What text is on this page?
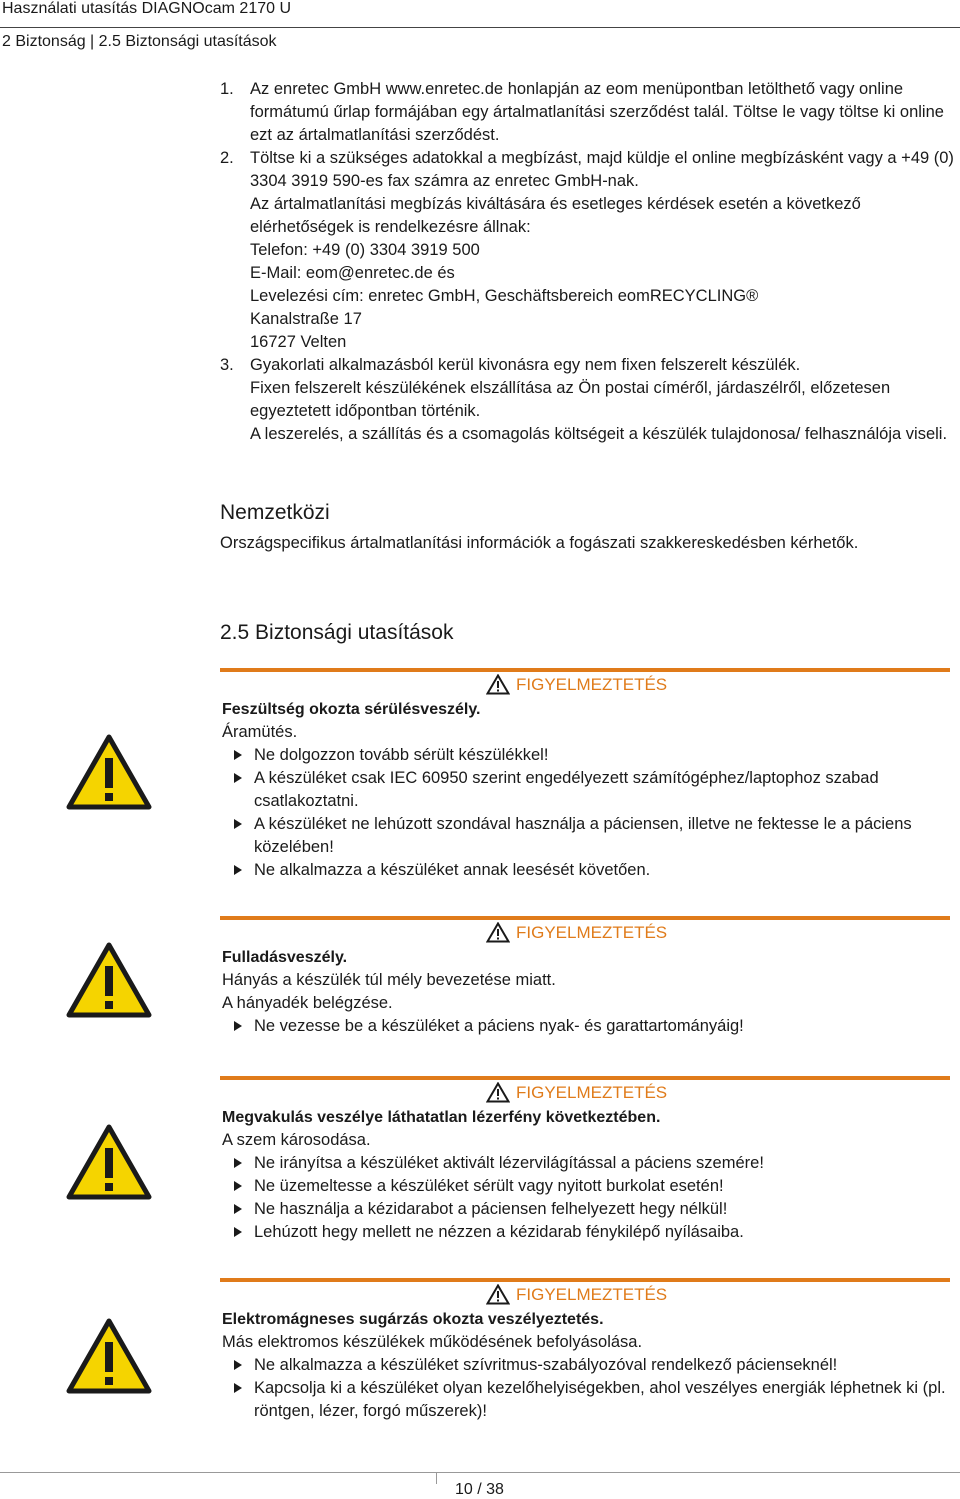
Használati utasítás DIAGNOcam 2170 U
2 Biztonság | 2.5 Biztonsági utasítások
1. Az enretec GmbH www.enretec.de honlapján az eom menüpontban letölthető vagy online formátumú űrlap formájában egy ártalmatlanítási szerződést talál. Töltse le vagy töltse ki online ezt az ártalmatlanítási szerződést.
2. Töltse ki a szükséges adatokkal a megbízást, majd küldje el online megbízásként vagy a +49 (0) 3304 3919 590-es fax számra az enretec GmbH-nak.
Az ártalmatlanítási megbízás kiváltására és esetleges kérdések esetén a következő elérhetőségek is rendelkezésre állnak:
Telefon: +49 (0) 3304 3919 500
E-Mail: eom@enretec.de és
Levelezési cím: enretec GmbH, Geschäftsbereich eomRECYCLING®
Kanalstraße 17
16727 Velten
3. Gyakorlati alkalmazásból kerül kivonásra egy nem fixen felszerelt készülék.
Fixen felszerelt készülékének elszállítása az Ön postai címéről, járdaszélről, előzetesen egyeztetett időpontban történik.
A leszerelés, a szállítás és a csomagolás költségeit a készülék tulajdonosa/ felhasználója viseli.
Nemzetközi
Országspecifikus ártalmatlanítási információk a fogászati szakkereskedésben kérhetők.
2.5 Biztonsági utasítások
FIGYELMEZTETÉS
Feszültség okozta sérülésveszély.
Áramütés.
Ne dolgozzon tovább sérült készülékkel!
A készüléket csak IEC 60950 szerint engedélyezett számítógéphez/laptophoz szabad csatlakoztatni.
A készüléket ne lehúzott szondával használja a páciensen, illetve ne fektesse le a páciens közelében!
Ne alkalmazza a készüléket annak leesését követően.
FIGYELMEZTETÉS
Fulladásveszély.
Hányás a készülék túl mély bevezetése miatt.
A hányadék belégzése.
Ne vezesse be a készüléket a páciens nyak- és garattartományáig!
FIGYELMEZTETÉS
Megvakulás veszélye láthatatlan lézerfény következtében.
A szem károsodása.
Ne irányítsa a készüléket aktivált lézervilágítással a páciens szemére!
Ne üzemeltesse a készüléket sérült vagy nyitott burkolat esetén!
Ne használja a kézidarabot a páciensen felhelyezett hegy nélkül!
Lehúzott hegy mellett ne nézzen a kézidarab fénykilépő nyílásaiba.
FIGYELMEZTETÉS
Elektromágneses sugárzás okozta veszélyeztetés.
Más elektromos készülékek működésének befolyásolása.
Ne alkalmazza a készüléket szívritmus-szabályozóval rendelkező pácienseknél!
Kapcsolja ki a készüléket olyan kezelőhelyiségekben, ahol veszélyes energiák léphetnek ki (pl. röntgen, lézer, forgó műszerek)!
10 / 38
